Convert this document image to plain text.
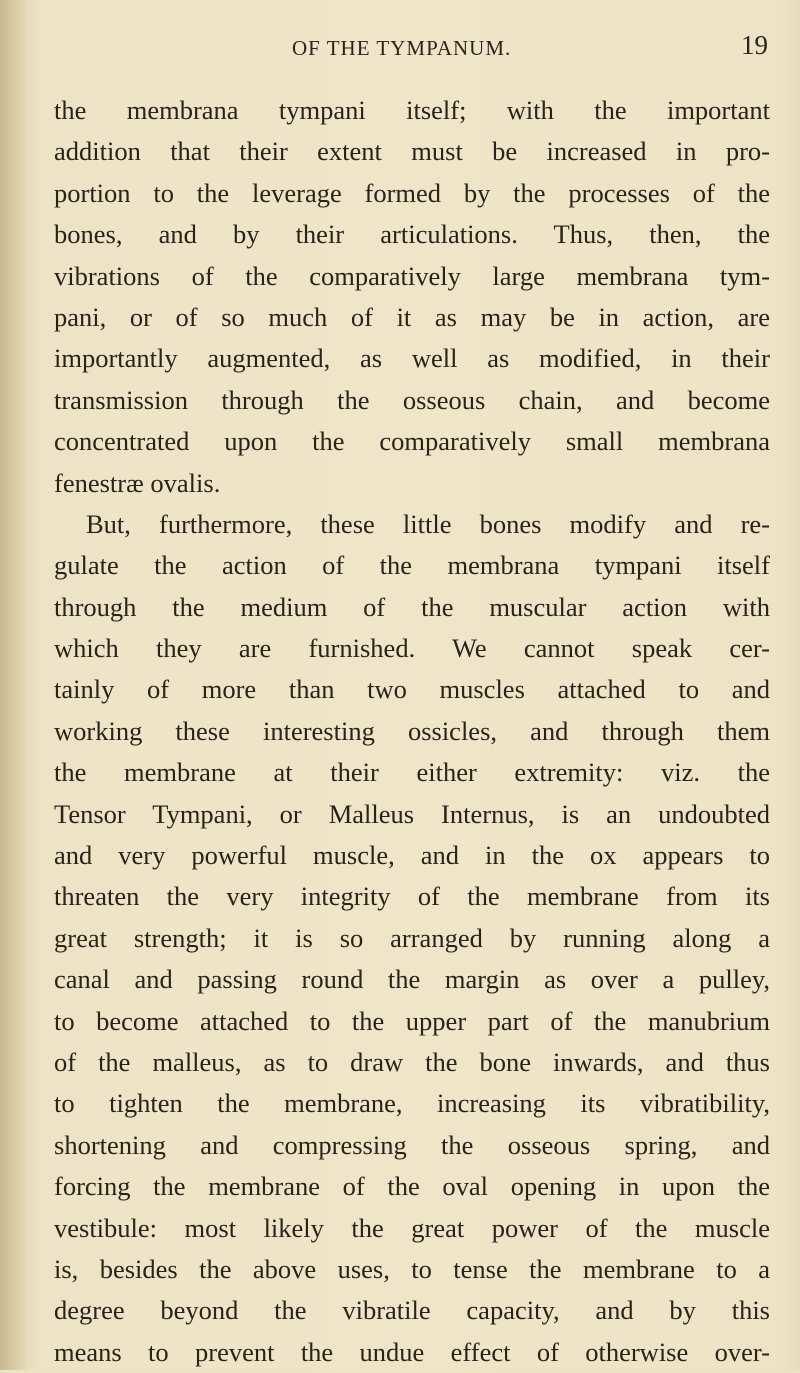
OF THE TYMPANUM.	19
the membrana tympani itself; with the important
addition that their extent must be increased in pro-
portion to the leverage formed by the processes of the
bones, and by their articulations. Thus, then, the
vibrations of the comparatively large membrana tym-
pani, or of so much of it as may be in action, are
importantly augmented, as well as modified, in their
transmission through the osseous chain, and become
concentrated upon the comparatively small membrana
fenestræ ovalis.
But, furthermore, these little bones modify and re-
gulate the action of the membrana tympani itself
through the medium of the muscular action with
which they are furnished. We cannot speak cer-
tainly of more than two muscles attached to and
working these interesting ossicles, and through them
the membrane at their either extremity: viz. the
Tensor Tympani, or Malleus Internus, is an undoubted
and very powerful muscle, and in the ox appears to
threaten the very integrity of the membrane from its
great strength; it is so arranged by running along a
canal and passing round the margin as over a pulley,
to become attached to the upper part of the manubrium
of the malleus, as to draw the bone inwards, and thus
to tighten the membrane, increasing its vibratibility,
shortening and compressing the osseous spring, and
forcing the membrane of the oval opening in upon the
vestibule: most likely the great power of the muscle
is, besides the above uses, to tense the membrane to a
degree beyond the vibratile capacity, and by this
means to prevent the undue effect of otherwise over-
